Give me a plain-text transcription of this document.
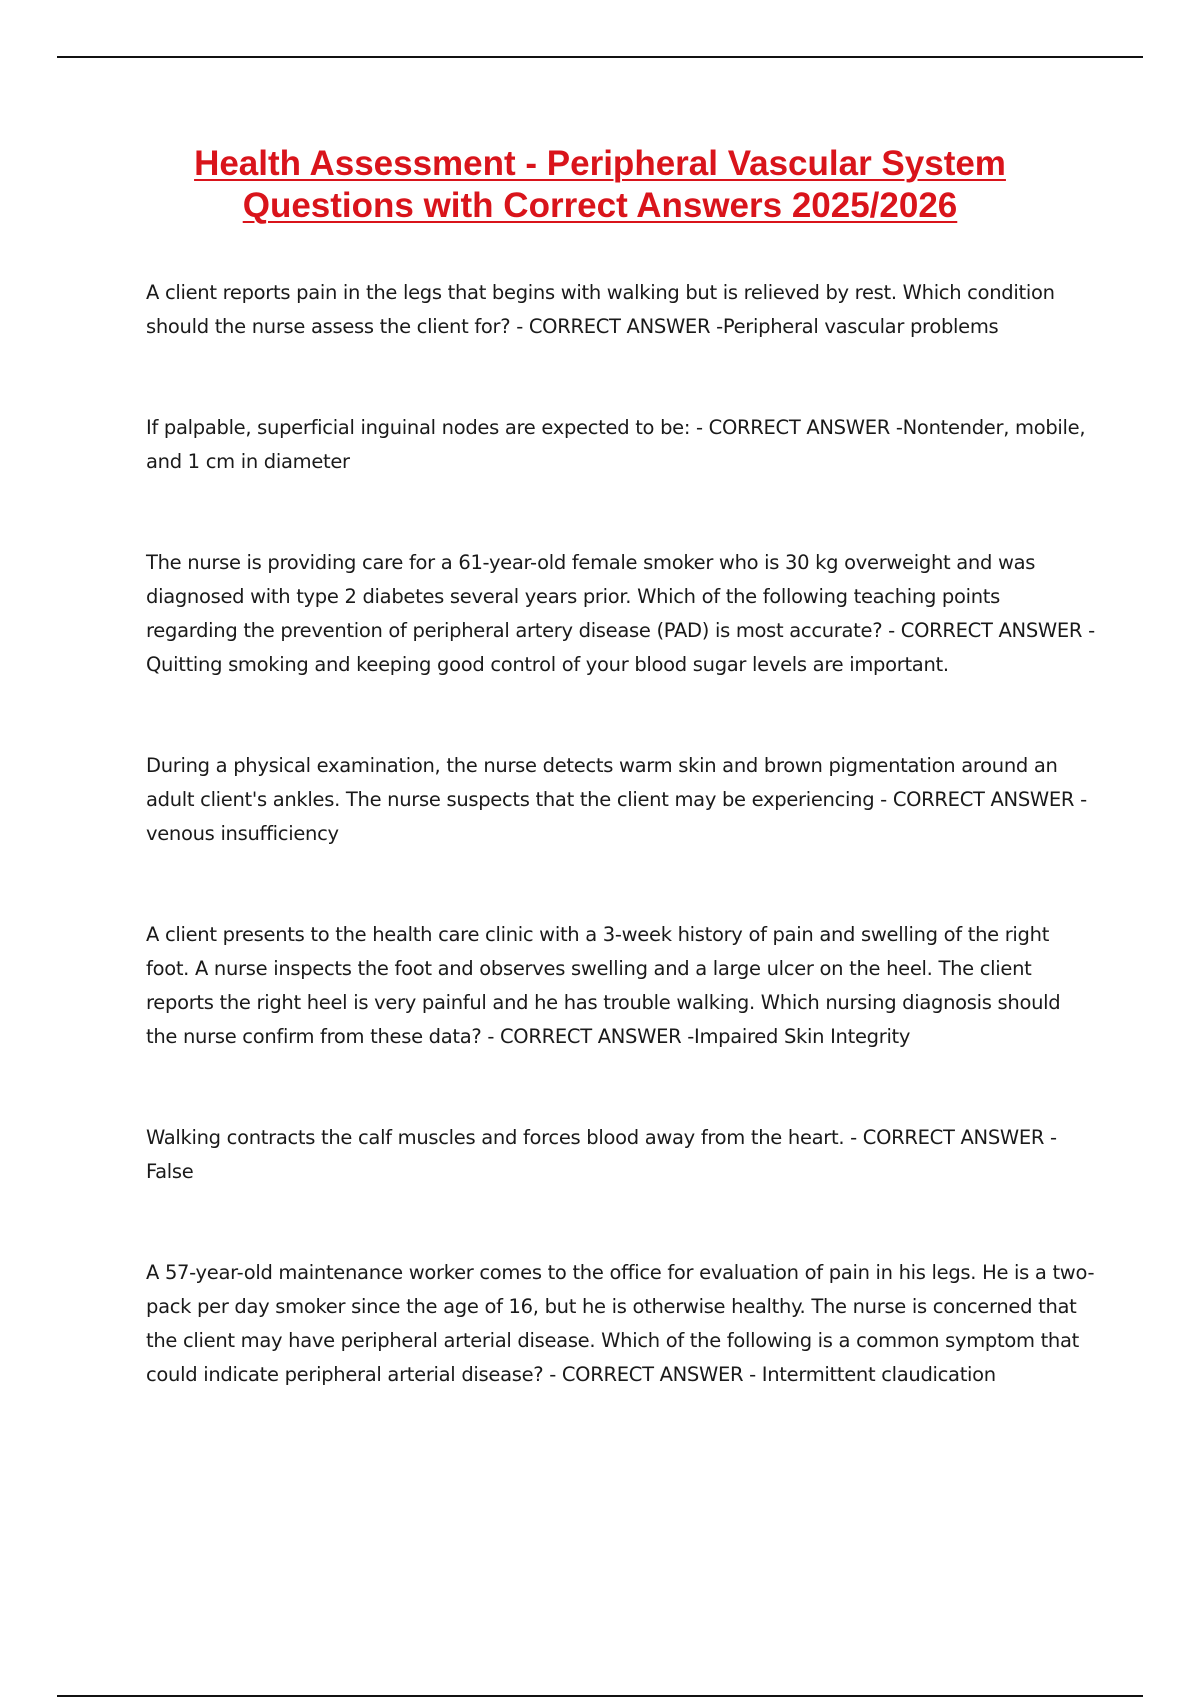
Health Assessment - Peripheral Vascular System
Questions with Correct Answers 2025/2026

A client reports pain in the legs that begins with walking but is relieved by rest. Which condition should the nurse assess the client for? - CORRECT ANSWER -Peripheral vascular problems

If palpable, superficial inguinal nodes are expected to be: - CORRECT ANSWER -Nontender, mobile, and 1 cm in diameter

The nurse is providing care for a 61-year-old female smoker who is 30 kg overweight and was diagnosed with type 2 diabetes several years prior. Which of the following teaching points regarding the prevention of peripheral artery disease (PAD) is most accurate? - CORRECT ANSWER -Quitting smoking and keeping good control of your blood sugar levels are important.

During a physical examination, the nurse detects warm skin and brown pigmentation around an adult client's ankles. The nurse suspects that the client may be experiencing - CORRECT ANSWER -venous insufficiency

A client presents to the health care clinic with a 3-week history of pain and swelling of the right foot. A nurse inspects the foot and observes swelling and a large ulcer on the heel. The client reports the right heel is very painful and he has trouble walking. Which nursing diagnosis should the nurse confirm from these data? - CORRECT ANSWER -Impaired Skin Integrity

Walking contracts the calf muscles and forces blood away from the heart. - CORRECT ANSWER - False

A 57-year-old maintenance worker comes to the office for evaluation of pain in his legs. He is a two-pack per day smoker since the age of 16, but he is otherwise healthy. The nurse is concerned that the client may have peripheral arterial disease. Which of the following is a common symptom that could indicate peripheral arterial disease? - CORRECT ANSWER - Intermittent claudication
